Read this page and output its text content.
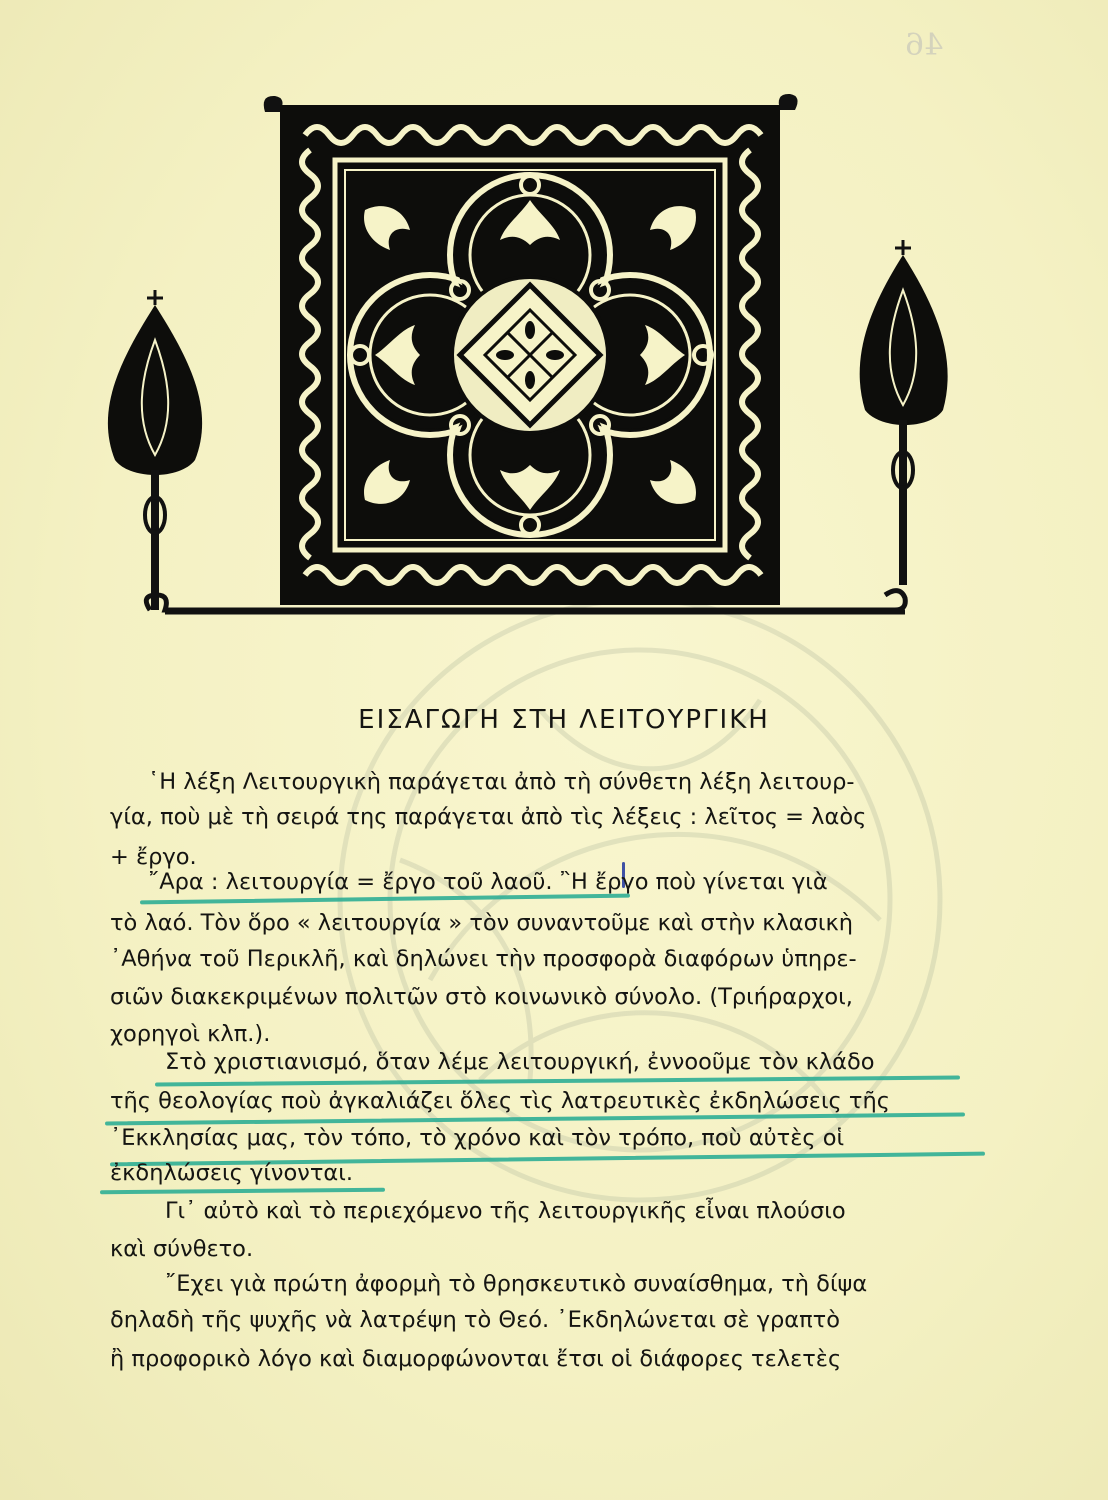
46
ΕΙΣΑΓΩΓΗ ΣΤΗ ΛΕΙΤΟΥΡΓΙΚΗ
῾Η λέξη Λειτουργικὴ παράγεται ἀπὸ τὴ σύνθετη λέξη λειτουρ-
γία, ποὺ μὲ τὴ σειρά της παράγεται ἀπὸ τὶς λέξεις : λεῖτος = λαὸς
+ ἔργο.
῎Αρα : λειτουργία = ἔργο τοῦ λαοῦ. ῍Η ἔργο ποὺ γίνεται γιὰ
τὸ λαό. Τὸν ὅρο « λειτουργία » τὸν συναντοῦμε καὶ στὴν κλασικὴ
᾿Αθήνα τοῦ Περικλῆ, καὶ δηλώνει τὴν προσφορὰ διαφόρων ὑπηρε-
σιῶν διακεκριμένων πολιτῶν στὸ κοινωνικὸ σύνολο. (Τριήραρχοι,
χορηγοὶ κλπ.).
Στὸ χριστιανισμό, ὅταν λέμε λειτουργική, ἐννοοῦμε τὸν κλάδο
τῆς θεολογίας ποὺ ἀγκαλιάζει ὅλες τὶς λατρευτικὲς ἐκδηλώσεις τῆς
᾿Εκκλησίας μας, τὸν τόπο, τὸ χρόνο καὶ τὸν τρόπο, ποὺ αὐτὲς οἱ
ἐκδηλώσεις γίνονται.
Γι᾿ αὐτὸ καὶ τὸ περιεχόμενο τῆς λειτουργικῆς εἶναι πλούσιο
καὶ σύνθετο.
῎Εχει γιὰ πρώτη ἀφορμὴ τὸ θρησκευτικὸ συναίσθημα, τὴ δίψα
δηλαδὴ τῆς ψυχῆς νὰ λατρέψη τὸ Θεό. ᾿Εκδηλώνεται σὲ γραπτὸ
ἢ προφορικὸ λόγο καὶ διαμορφώνονται ἔτσι οἱ διάφορες τελετὲς
